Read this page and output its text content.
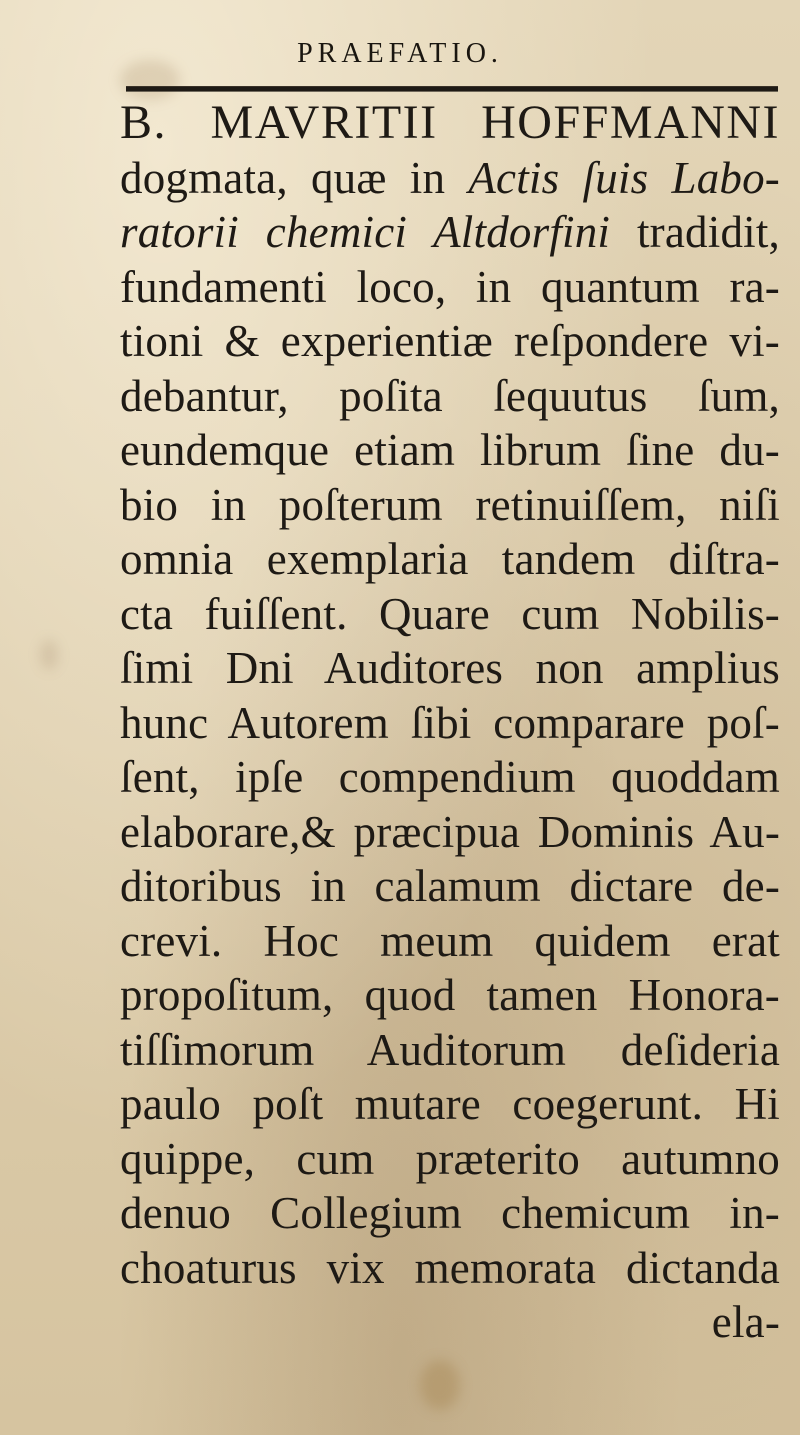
PRAEFATIO.
B. MAVRITII HOFFMANNI
dogmata, quæ in Actis ſuis Labo-
ratorii chemici Altdorfini tradidit,
fundamenti loco, in quantum ra-
tioni & experientiæ reſpondere vi-
debantur, poſita ſequutus ſum,
eundemque etiam librum ſine du-
bio in poſterum retinuiſſem, niſi
omnia exemplaria tandem diſtra-
cta fuiſſent. Quare cum Nobilis-
ſimi Dni Auditores non amplius
hunc Autorem ſibi comparare poſ-
ſent, ipſe compendium quoddam
elaborare,& præcipua Dominis Au-
ditoribus in calamum dictare de-
crevi. Hoc meum quidem erat
propoſitum, quod tamen Honora-
tiſſimorum Auditorum deſideria
paulo poſt mutare coegerunt. Hi
quippe, cum præterito autumno
denuo Collegium chemicum in-
choaturus vix memorata dictanda
ela-
